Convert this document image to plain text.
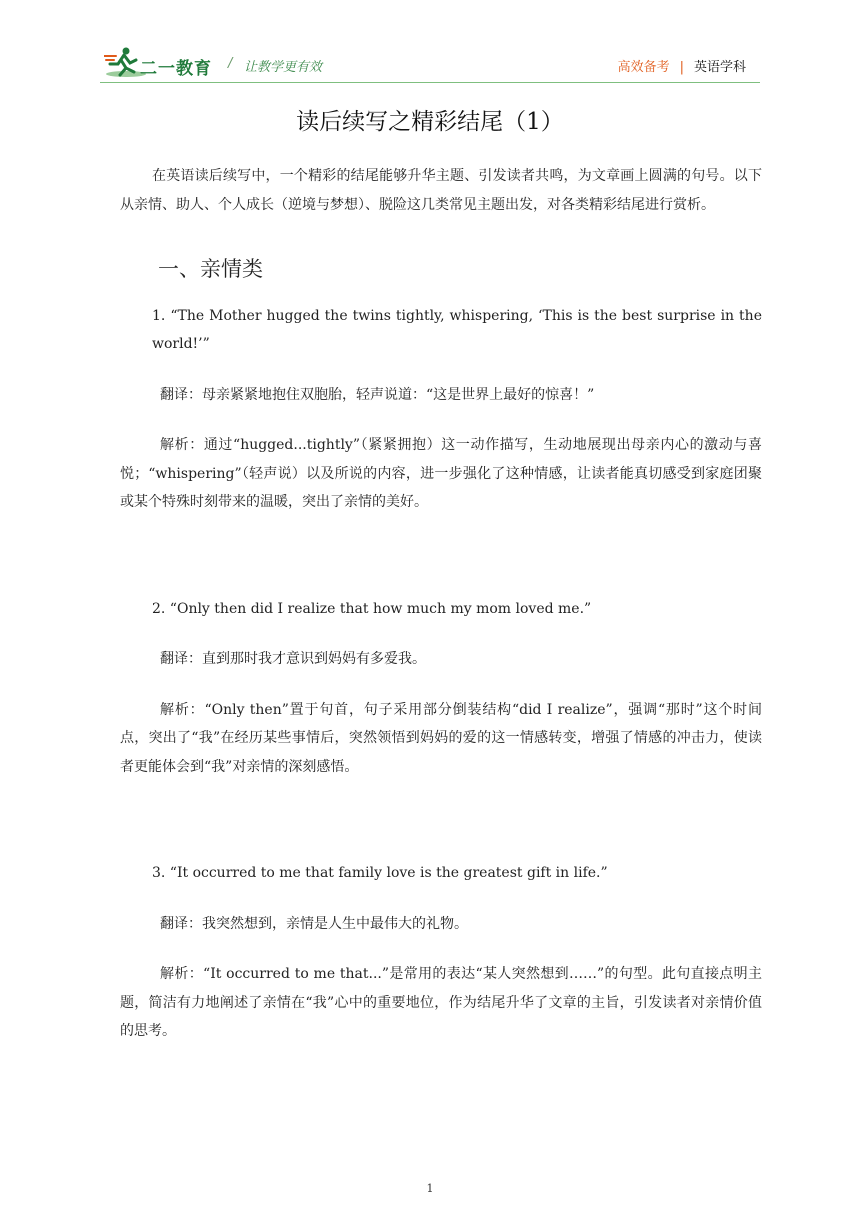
二一教育 / 让教学更有效	高效备考 | 英语学科
读后续写之精彩结尾（1）

在英语读后续写中，一个精彩的结尾能够升华主题、引发读者共鸣，为文章画上圆满的句号。以下从亲情、助人、个人成长（逆境与梦想）、脱险这几类常见主题出发，对各类精彩结尾进行赏析。

一、亲情类

1. “The Mother hugged the twins tightly, whispering, ‘This is the best surprise in the world!’”

翻译：母亲紧紧地抱住双胞胎，轻声说道：“这是世界上最好的惊喜！”

解析：通过“hugged...tightly”（紧紧拥抱）这一动作描写，生动地展现出母亲内心的激动与喜悦；“whispering”（轻声说）以及所说的内容，进一步强化了这种情感，让读者能真切感受到家庭团聚或某个特殊时刻带来的温暖，突出了亲情的美好。

2. “Only then did I realize that how much my mom loved me.”

翻译：直到那时我才意识到妈妈有多爱我。

解析：“Only then”置于句首，句子采用部分倒装结构“did I realize”，强调“那时”这个时间点，突出了“我”在经历某些事情后，突然领悟到妈妈的爱的这一情感转变，增强了情感的冲击力，使读者更能体会到“我”对亲情的深刻感悟。

3. “It occurred to me that family love is the greatest gift in life.”

翻译：我突然想到，亲情是人生中最伟大的礼物。

解析：“It occurred to me that...”是常用的表达“某人突然想到……”的句型。此句直接点明主题，简洁有力地阐述了亲情在“我”心中的重要地位，作为结尾升华了文章的主旨，引发读者对亲情价值的思考。

1
